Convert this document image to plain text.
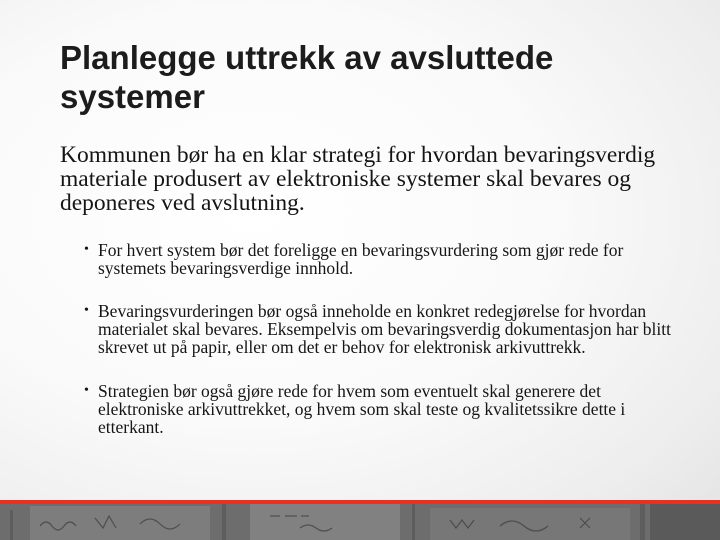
Planlegge uttrekk av avsluttede systemer

Kommunen bør ha en klar strategi for hvordan bevaringsverdig materiale produsert av elektroniske systemer skal bevares og deponeres ved avslutning.

• For hvert system bør det foreligge en bevaringsvurdering som gjør rede for systemets bevaringsverdige innhold.
• Bevaringsvurderingen bør også inneholde en konkret redegjørelse for hvordan materialet skal bevares. Eksempelvis om bevaringsverdig dokumentasjon har blitt skrevet ut på papir, eller om det er behov for elektronisk arkivuttrekk.
• Strategien bør også gjøre rede for hvem som eventuelt skal generere det elektroniske arkivuttrekket, og hvem som skal teste og kvalitetssikre dette i etterkant.
